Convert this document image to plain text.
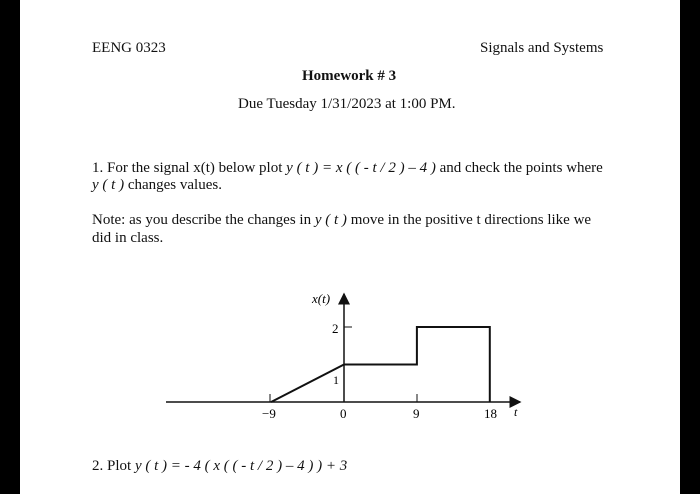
EENG 0323	Signals and Systems
Homework # 3
Due Tuesday 1/31/2023 at 1:00 PM.
1. For the signal x(t) below plot y ( t ) = x ( ( - t / 2 ) – 4 ) and check the points where
y ( t ) changes values.
Note: as you describe the changes in y ( t ) move in the positive t directions like we
did in class.
x(t)
2
1
−9	0	9	18 t
2. Plot y ( t ) = - 4 ( x ( ( - t / 2 ) – 4 ) ) + 3
